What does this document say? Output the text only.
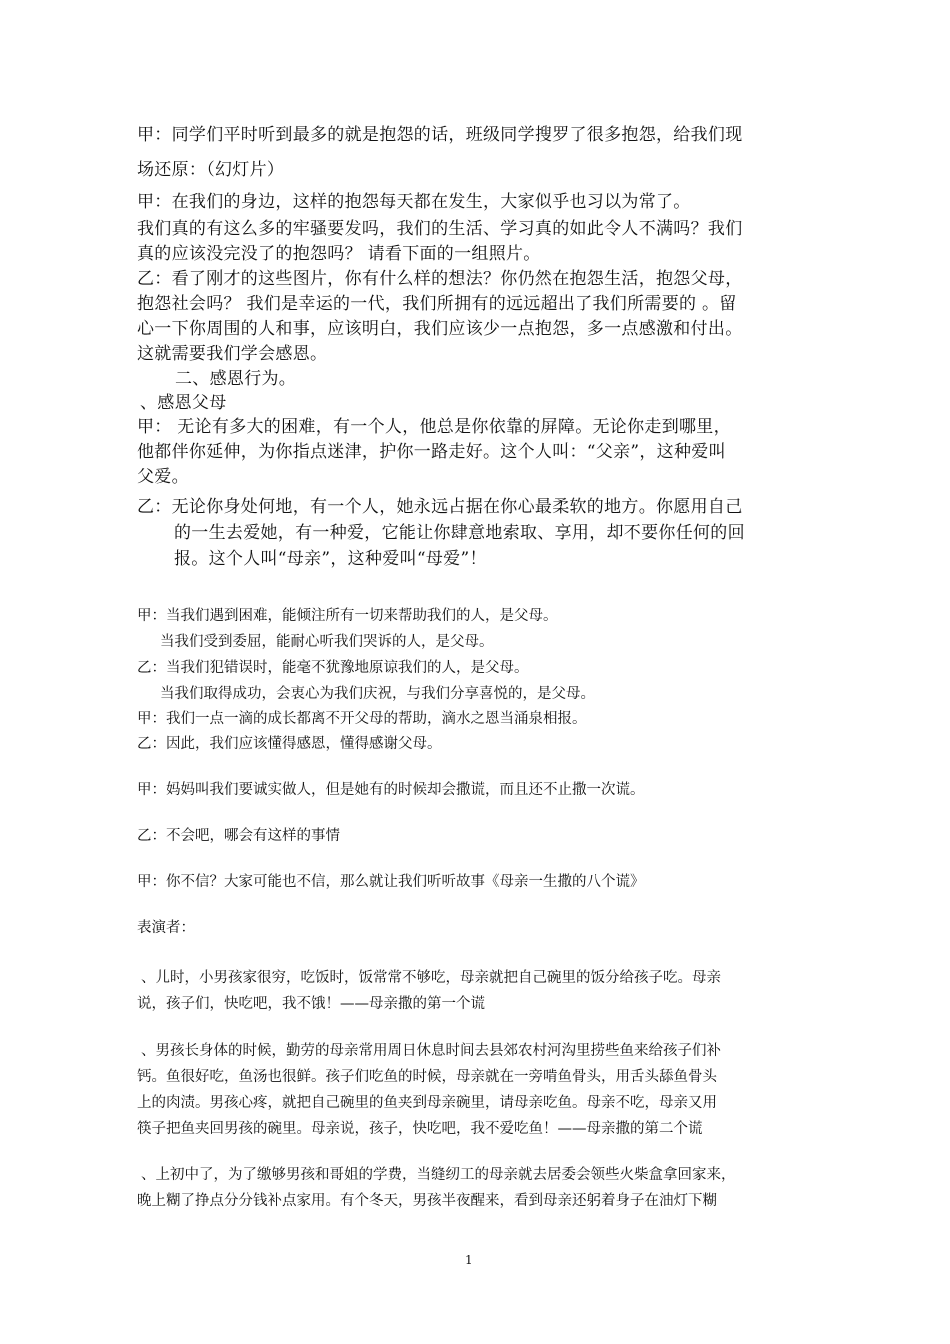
甲：同学们平时听到最多的就是抱怨的话，班级同学搜罗了很多抱怨，给我们现
场还原：（幻灯片）
甲：在我们的身边，这样的抱怨每天都在发生，大家似乎也习以为常了。
我们真的有这么多的牢骚要发吗，我们的生活、学习真的如此令人不满吗？我们
真的应该没完没了的抱怨吗？ 请看下面的一组照片。
乙：看了刚才的这些图片，你有什么样的想法？你仍然在抱怨生活，抱怨父母，
抱怨社会吗？ 我们是幸运的一代，我们所拥有的远远超出了我们所需要的 。留
心一下你周围的人和事，应该明白，我们应该少一点抱怨，多一点感激和付出。
这就需要我们学会感恩。
二、感恩行为。
、感恩父母
甲： 无论有多大的困难，有一个人，他总是你依靠的屏障。无论你走到哪里，
他都伴你延伸，为你指点迷津，护你一路走好。这个人叫：“父亲”，这种爱叫
父爱。
乙：无论你身处何地，有一个人，她永远占据在你心最柔软的地方。你愿用自己
的一生去爱她，有一种爱，它能让你肆意地索取、享用，却不要你任何的回
报。这个人叫“母亲”，这种爱叫“母爱”！
甲：当我们遇到困难，能倾注所有一切来帮助我们的人，是父母。
当我们受到委屈，能耐心听我们哭诉的人，是父母。
乙：当我们犯错误时，能毫不犹豫地原谅我们的人，是父母。
当我们取得成功，会衷心为我们庆祝，与我们分享喜悦的，是父母。
甲：我们一点一滴的成长都离不开父母的帮助，滴水之恩当涌泉相报。
乙：因此，我们应该懂得感恩，懂得感谢父母。
甲：妈妈叫我们要诚实做人，但是她有的时候却会撒谎，而且还不止撒一次谎。
乙：不会吧，哪会有这样的事情
甲：你不信？大家可能也不信，那么就让我们听听故事《母亲一生撒的八个谎》
表演者：
、儿时，小男孩家很穷，吃饭时，饭常常不够吃，母亲就把自己碗里的饭分给孩子吃。母亲
说，孩子们，快吃吧，我不饿！——母亲撒的第一个谎
、男孩长身体的时候，勤劳的母亲常用周日休息时间去县郊农村河沟里捞些鱼来给孩子们补
钙。鱼很好吃，鱼汤也很鲜。孩子们吃鱼的时候，母亲就在一旁啃鱼骨头，用舌头舔鱼骨头
上的肉渍。男孩心疼，就把自己碗里的鱼夹到母亲碗里，请母亲吃鱼。母亲不吃，母亲又用
筷子把鱼夹回男孩的碗里。母亲说，孩子，快吃吧，我不爱吃鱼！——母亲撒的第二个谎
、上初中了，为了缴够男孩和哥姐的学费，当缝纫工的母亲就去居委会领些火柴盒拿回家来，
晚上糊了挣点分分钱补点家用。有个冬天，男孩半夜醒来，看到母亲还躬着身子在油灯下糊
1
